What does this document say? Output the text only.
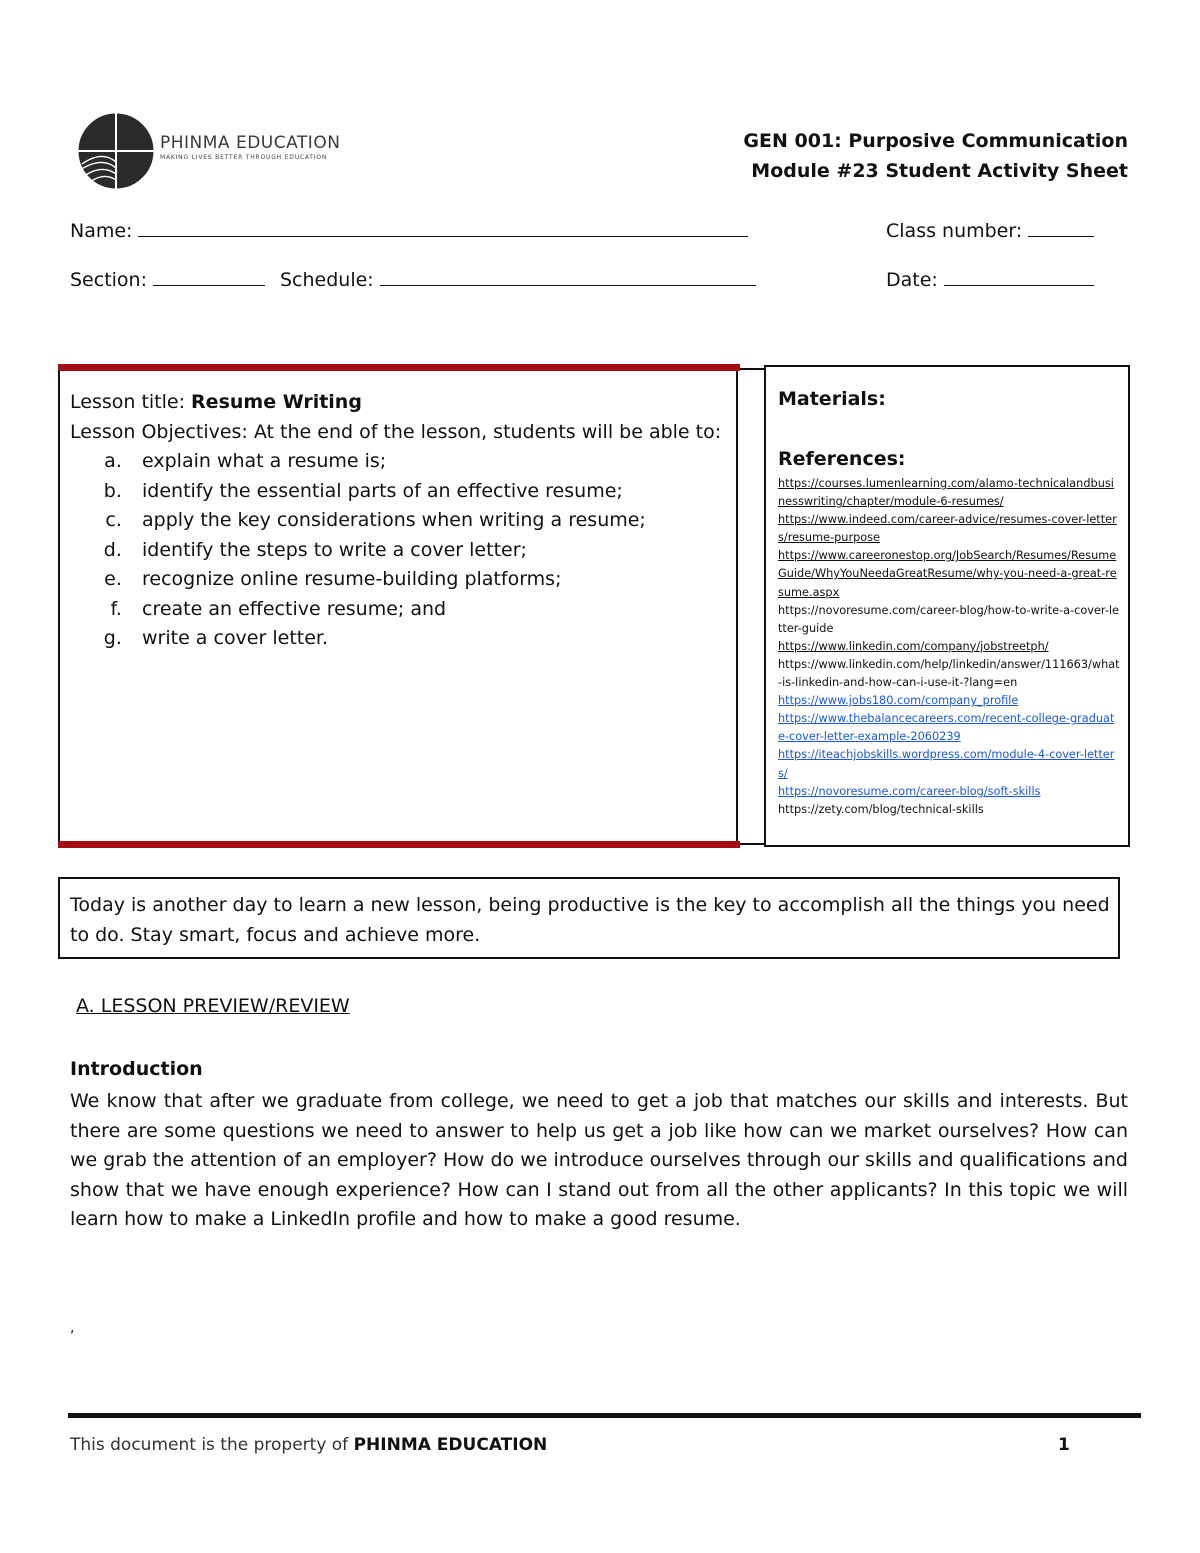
PHINMA EDUCATION
MAKING LIVES BETTER THROUGH EDUCATION
GEN 001: Purposive Communication
Module #23 Student Activity Sheet
Name:	Class number:
Section:	Schedule:	Date:
Lesson title: Resume Writing
Lesson Objectives: At the end of the lesson, students will be able to:
a. explain what a resume is;
b. identify the essential parts of an effective resume;
c. apply the key considerations when writing a resume;
d. identify the steps to write a cover letter;
e. recognize online resume-building platforms;
f. create an effective resume; and
g. write a cover letter.
Materials:
References:
https://courses.lumenlearning.com/alamo-technicalandbusinesswriting/chapter/module-6-resumes/
https://www.indeed.com/career-advice/resumes-cover-letters/resume-purpose
https://www.careeronestop.org/JobSearch/Resumes/ResumeGuide/WhyYouNeedaGreatResume/why-you-need-a-great-resume.aspx
https://novoresume.com/career-blog/how-to-write-a-cover-letter-guide
https://www.linkedin.com/company/jobstreetph/
https://www.linkedin.com/help/linkedin/answer/111663/what-is-linkedin-and-how-can-i-use-it-?lang=en
https://www.jobs180.com/company_profile
https://www.thebalancecareers.com/recent-college-graduate-cover-letter-example-2060239
https://iteachjobskills.wordpress.com/module-4-cover-letters/
https://novoresume.com/career-blog/soft-skills
https://zety.com/blog/technical-skills
Today is another day to learn a new lesson, being productive is the key to accomplish all the things you need to do. Stay smart, focus and achieve more.
A. LESSON PREVIEW/REVIEW
Introduction
We know that after we graduate from college, we need to get a job that matches our skills and interests. But there are some questions we need to answer to help us get a job like how can we market ourselves? How can we grab the attention of an employer? How do we introduce ourselves through our skills and qualifications and show that we have enough experience? How can I stand out from all the other applicants? In this topic we will learn how to make a LinkedIn profile and how to make a good resume.
,
This document is the property of PHINMA EDUCATION	1
